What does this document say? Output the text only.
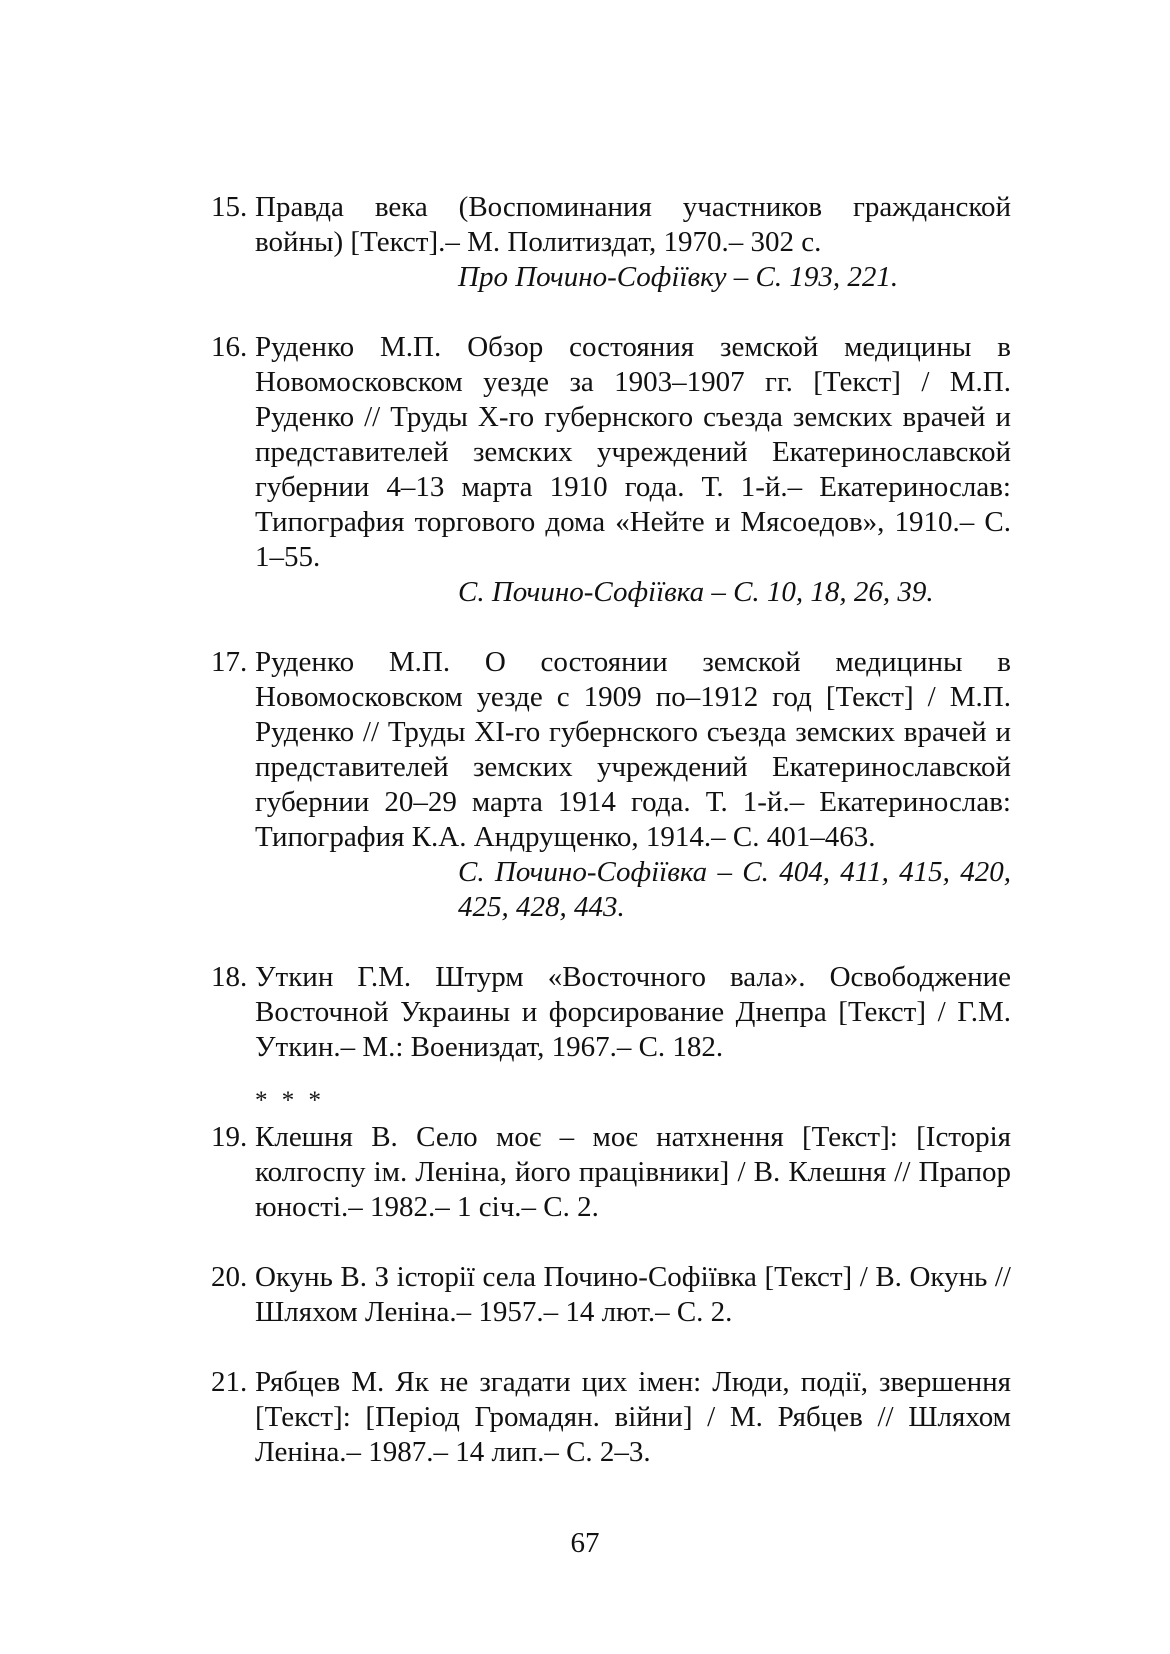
15. Правда века (Воспоминания участников гражданской войны) [Текст].– М. Политиздат, 1970.– 302 с.
Про Почино-Софіївку – С. 193, 221.
16. Руденко М.П. Обзор состояния земской медицины в Новомосковском уезде за 1903–1907 гг. [Текст] / М.П. Руденко // Труды X-го губернского съезда земских врачей и представителей земских учреждений Екатеринославской губернии 4–13 марта 1910 года. Т. 1-й.– Екатеринослав: Типография торгового дома «Нейте и Мясоедов», 1910.– С. 1–55.
С. Почино-Софіївка – С. 10, 18, 26, 39.
17. Руденко М.П. О состоянии земской медицины в Новомосковском уезде с 1909 по–1912 год [Текст] / М.П. Руденко // Труды XI-го губернского съезда земских врачей и представителей земских учреждений Екатеринославской губернии 20–29 марта 1914 года. Т. 1-й.– Екатеринослав: Типография К.А. Андрущенко, 1914.– С. 401–463.
С. Почино-Софіївка – С. 404, 411, 415, 420, 425, 428, 443.
18. Уткин Г.М. Штурм «Восточного вала». Освободжение Восточной Украины и форсирование Днепра [Текст] / Г.М. Уткин.– М.: Воениздат, 1967.– С. 182.
* * *
19. Клешня В. Село моє – моє натхнення [Текст]: [Історія колгоспу ім. Леніна, його працівники] / В. Клешня // Прапор юності.– 1982.– 1 січ.– С. 2.
20. Окунь В. З історії села Почино-Софіївка [Текст] / В. Окунь // Шляхом Леніна.– 1957.– 14 лют.– С. 2.
21. Рябцев М. Як не згадати цих імен: Люди, події, звершення [Текст]: [Період Громадян. війни] / М. Рябцев // Шляхом Леніна.– 1987.– 14 лип.– С. 2–3.
67
